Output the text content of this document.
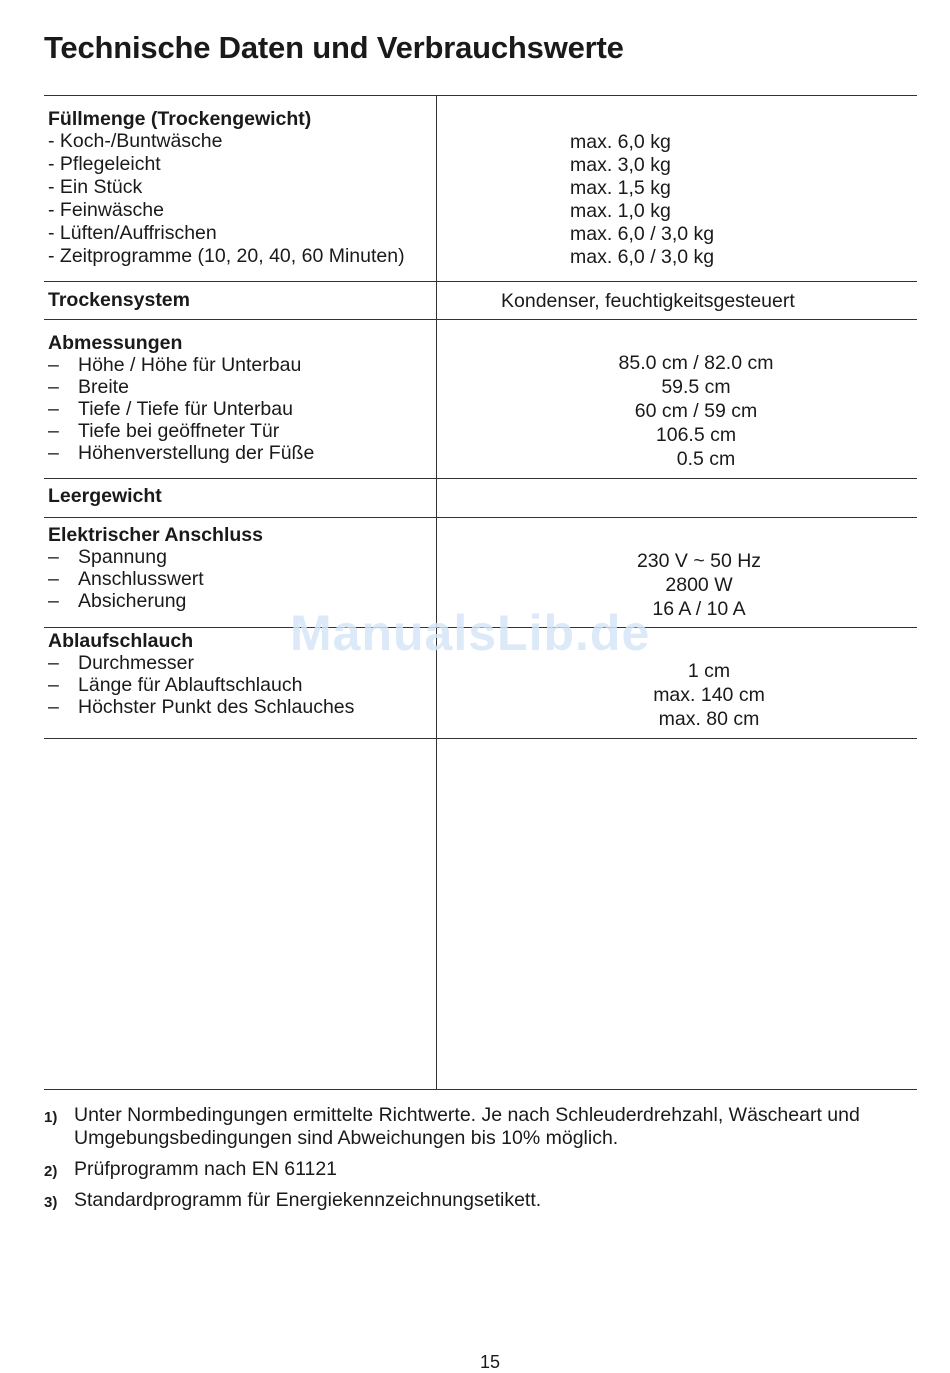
Technische Daten und Verbrauchswerte
Füllmenge (Trockengewicht)
- Koch-/Buntwäsche
- Pflegeleicht
- Ein Stück
- Feinwäsche
- Lüften/Auffrischen
- Zeitprogramme (10, 20, 40, 60 Minuten)
max. 6,0 kg
max. 3,0 kg
max. 1,5 kg
max. 1,0 kg
max. 6,0 / 3,0 kg
max. 6,0 / 3,0 kg
Trockensystem	Kondenser, feuchtigkeitsgesteuert
Abmessungen
– Höhe / Höhe für Unterbau
– Breite
– Tiefe / Tiefe für Unterbau
– Tiefe bei geöffneter Tür
– Höhenverstellung der Füße
85.0 cm / 82.0 cm
59.5 cm
60 cm / 59 cm
106.5 cm
0.5 cm
Leergewicht
Elektrischer Anschluss
– Spannung
– Anschlusswert
– Absicherung
230 V ~ 50 Hz
2800 W
16 A / 10 A
Ablaufschlauch
– Durchmesser
– Länge für Ablauftschlauch
– Höchster Punkt des Schlauches
1 cm
max. 140 cm
max. 80 cm
ManualsLib.de
1) Unter Normbedingungen ermittelte Richtwerte. Je nach Schleuderdrehzahl, Wäscheart und Umgebungsbedingungen sind Abweichungen bis 10% möglich.
2) Prüfprogramm nach EN 61121
3) Standardprogramm für Energiekennzeichnungsetikett.
15
